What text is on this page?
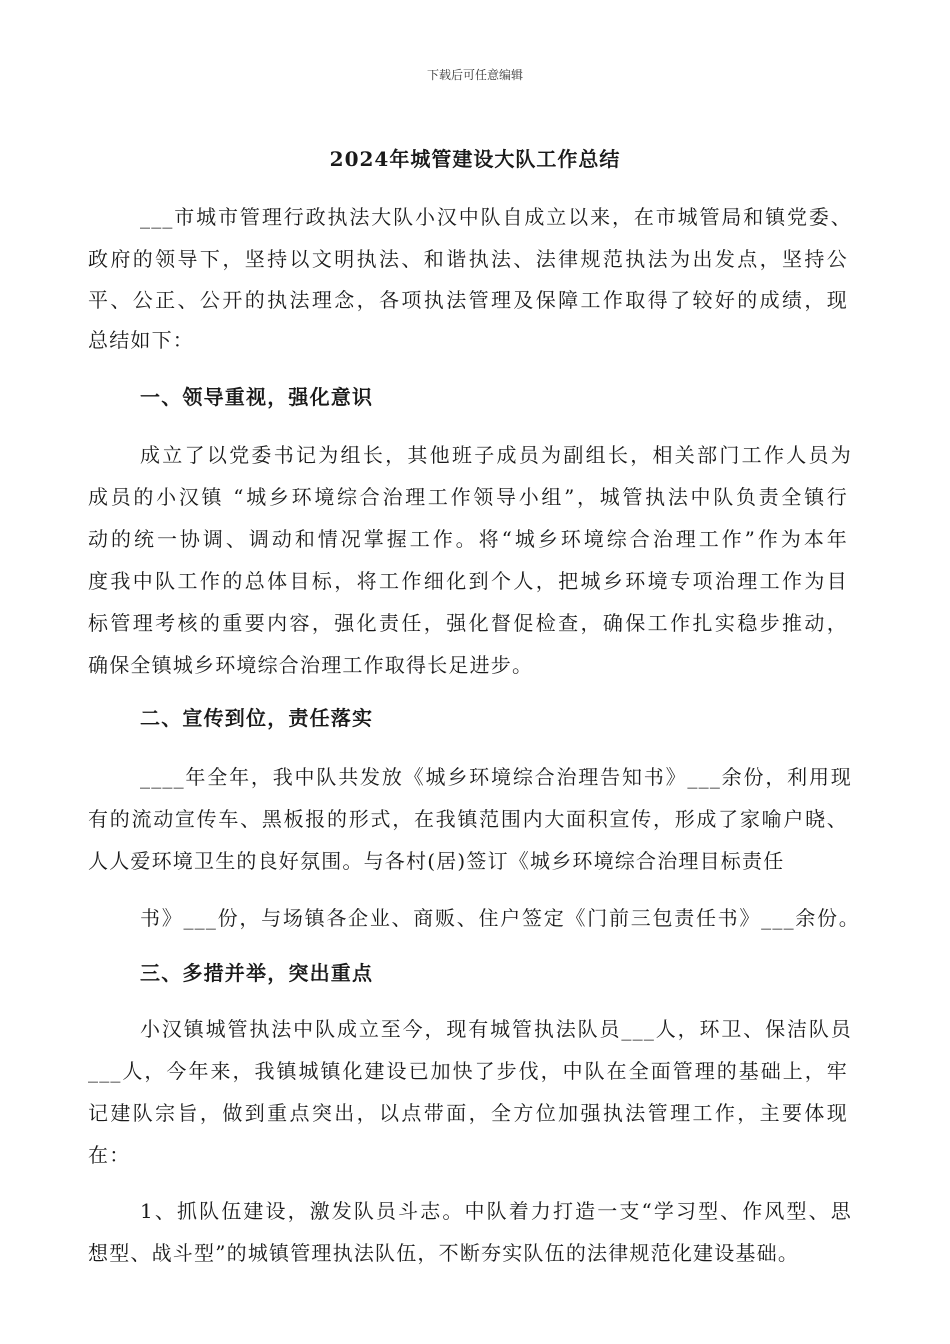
下载后可任意编辑
2024年城管建设大队工作总结
___市城市管理行政执法大队小汉中队自成立以来，在市城管局和镇党委、
政府的领导下，坚持以文明执法、和谐执法、法律规范执法为出发点，坚持公
平、公正、公开的执法理念，各项执法管理及保障工作取得了较好的成绩，现
总结如下：
一、领导重视，强化意识
成立了以党委书记为组长，其他班子成员为副组长，相关部门工作人员为
成员的小汉镇 “城乡环境综合治理工作领导小组”，城管执法中队负责全镇行
动的统一协调、调动和情况掌握工作。将“城乡环境综合治理工作”作为本年
度我中队工作的总体目标，将工作细化到个人，把城乡环境专项治理工作为目
标管理考核的重要内容，强化责任，强化督促检查，确保工作扎实稳步推动，
确保全镇城乡环境综合治理工作取得长足进步。
二、宣传到位，责任落实
____年全年，我中队共发放《城乡环境综合治理告知书》___余份，利用现
有的流动宣传车、黑板报的形式，在我镇范围内大面积宣传，形成了家喻户晓、
人人爱环境卫生的良好氛围。与各村(居)签订《城乡环境综合治理目标责任
书》___份，与场镇各企业、商贩、住户签定《门前三包责任书》___余份。
三、多措并举，突出重点
小汉镇城管执法中队成立至今，现有城管执法队员___人，环卫、保洁队员
___人，今年来，我镇城镇化建设已加快了步伐，中队在全面管理的基础上，牢
记建队宗旨，做到重点突出，以点带面，全方位加强执法管理工作，主要体现
在：
1、抓队伍建设，激发队员斗志。中队着力打造一支“学习型、作风型、思
想型、战斗型”的城镇管理执法队伍，不断夯实队伍的法律规范化建设基础。
